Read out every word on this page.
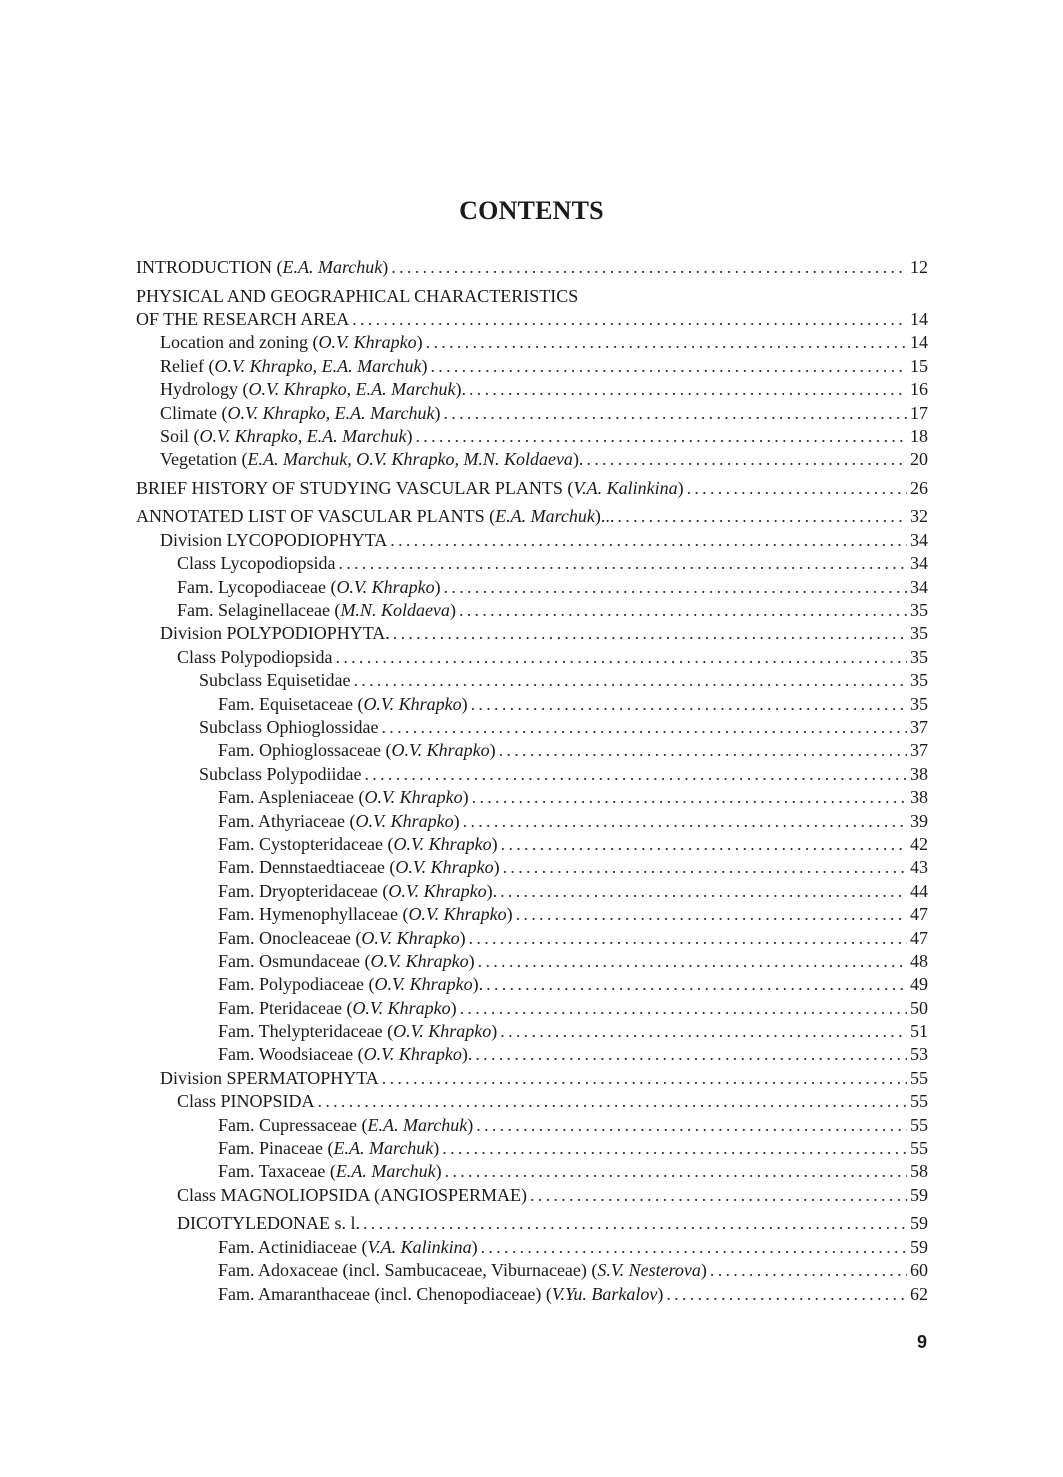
CONTENTS
INTRODUCTION (E.A. Marchuk) . . .	12
PHYSICAL AND GEOGRAPHICAL CHARACTERISTICS
OF THE RESEARCH AREA . . .	14
Location and zoning (O.V. Khrapko) . . .	14
Relief (O.V. Khrapko, E.A. Marchuk) . . .	15
Hydrology (O.V. Khrapko, E.A. Marchuk). . . .	16
Climate (O.V. Khrapko, E.A. Marchuk) . . .	17
Soil (O.V. Khrapko, E.A. Marchuk) . . .	18
Vegetation (E.A. Marchuk, O.V. Khrapko, M.N. Koldaeva). . . .	20
BRIEF HISTORY OF STUDYING VASCULAR PLANTS (V.A. Kalinkina) . . .	26
ANNOTATED LIST OF VASCULAR PLANTS (E.A. Marchuk)... . . .	32
Division LYCOPODIOPHYTA . . .	34
Class Lycopodiopsida . . .	34
Fam. Lycopodiaceae (O.V. Khrapko) . . .	34
Fam. Selaginellaceae (M.N. Koldaeva) . . .	35
Division POLYPODIOPHYTA. . . .	35
Class Polypodiopsida . . .	35
Subclass Equisetidae . . .	35
Fam. Equisetaceae (O.V. Khrapko) . . .	35
Subclass Ophioglossidae . . .	37
Fam. Ophioglossaceae (O.V. Khrapko) . . .	37
Subclass Polypodiidae . . .	38
Fam. Aspleniaceae (O.V. Khrapko) . . .	38
Fam. Athyriaceae (O.V. Khrapko) . . .	39
Fam. Cystopteridaceae (O.V. Khrapko) . . .	42
Fam. Dennstaedtiaceae (O.V. Khrapko) . . .	43
Fam. Dryopteridaceae (O.V. Khrapko). . . .	44
Fam. Hymenophyllaceae (O.V. Khrapko) . . .	47
Fam. Onocleaceae (O.V. Khrapko) . . .	47
Fam. Osmundaceae (O.V. Khrapko) . . .	48
Fam. Polypodiaceae (O.V. Khrapko). . . .	49
Fam. Pteridaceae (O.V. Khrapko) . . .	50
Fam. Thelypteridaceae (O.V. Khrapko) . . .	51
Fam. Woodsiaceae (O.V. Khrapko). . . .	53
Division SPERMATOPHYTA . . .	55
Class PINOPSIDA . . .	55
Fam. Cupressaceae (E.A. Marchuk) . . .	55
Fam. Pinaceae (E.A. Marchuk) . . .	55
Fam. Taxaceae (E.A. Marchuk) . . .	58
Class MAGNOLIOPSIDA (ANGIOSPERMAE) . . .	59
DICOTYLEDONAE s. l. . . .	59
Fam. Actinidiaceae (V.A. Kalinkina) . . .	59
Fam. Adoxaceae (incl. Sambucaceae, Viburnaceae) (S.V. Nesterova) . . .	60
Fam. Amaranthaceae (incl. Chenopodiaceae) (V.Yu. Barkalov) . . .	62
9
